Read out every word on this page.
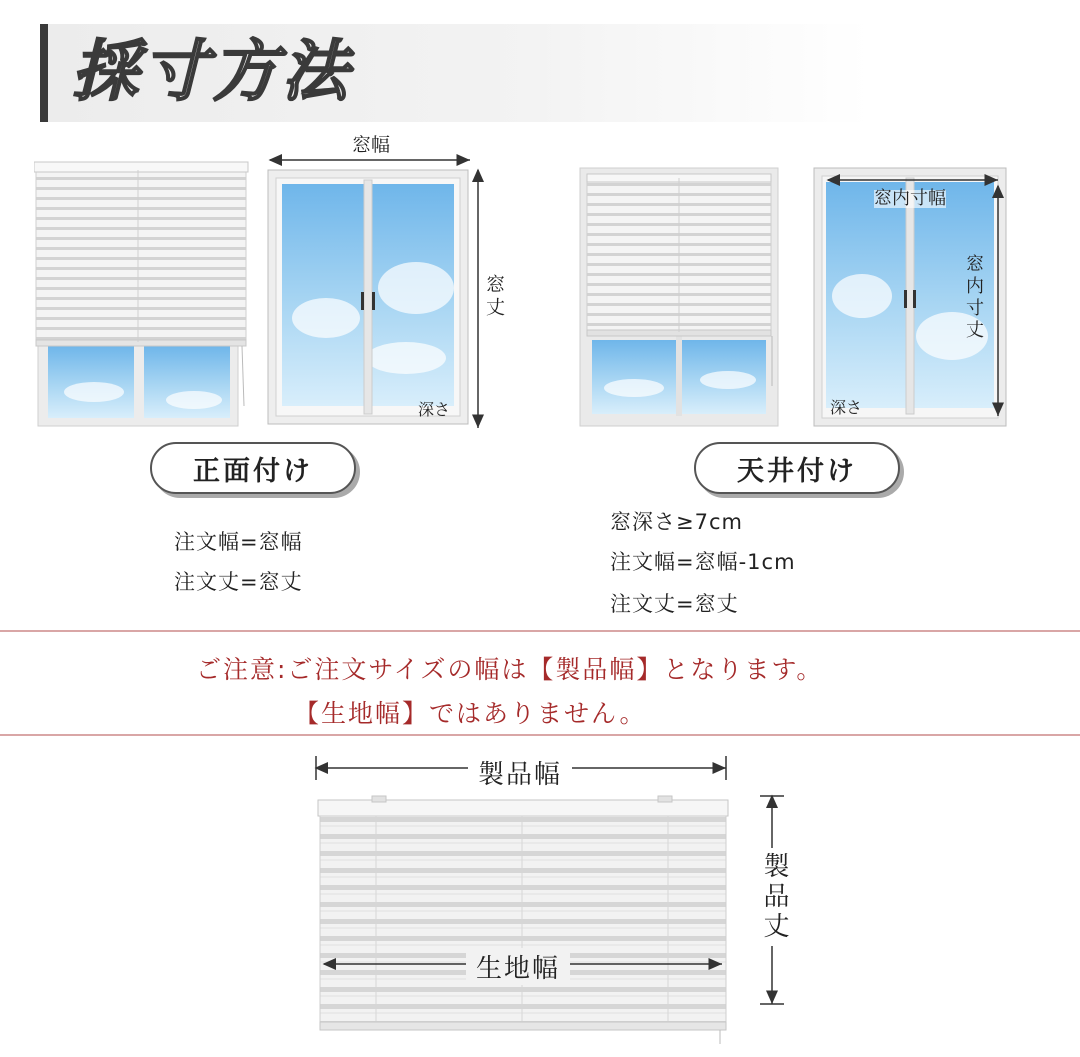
採寸方法
窓幅
窓丈
深さ
窓内寸幅
窓内寸丈
深さ
正面付け	天井付け
注文幅=窓幅
注文丈=窓丈
窓深さ≥7cm
注文幅=窓幅-1cm
注文丈=窓丈
ご注意:ご注文サイズの幅は【製品幅】となります。
【生地幅】ではありません。
製品幅
生地幅
製品丈
